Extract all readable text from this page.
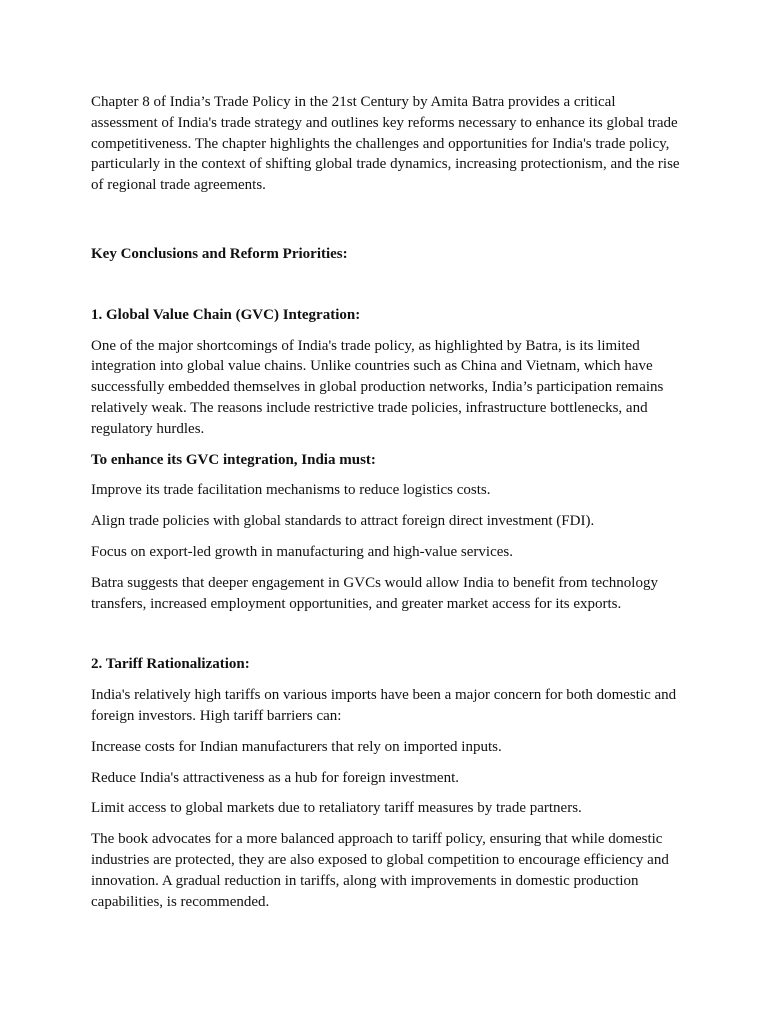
Chapter 8 of India’s Trade Policy in the 21st Century by Amita Batra provides a critical assessment of India's trade strategy and outlines key reforms necessary to enhance its global trade competitiveness. The chapter highlights the challenges and opportunities for India's trade policy, particularly in the context of shifting global trade dynamics, increasing protectionism, and the rise of regional trade agreements.

Key Conclusions and Reform Priorities:

1. Global Value Chain (GVC) Integration:

One of the major shortcomings of India's trade policy, as highlighted by Batra, is its limited integration into global value chains. Unlike countries such as China and Vietnam, which have successfully embedded themselves in global production networks, India’s participation remains relatively weak. The reasons include restrictive trade policies, infrastructure bottlenecks, and regulatory hurdles.

To enhance its GVC integration, India must:

Improve its trade facilitation mechanisms to reduce logistics costs.

Align trade policies with global standards to attract foreign direct investment (FDI).

Focus on export-led growth in manufacturing and high-value services.

Batra suggests that deeper engagement in GVCs would allow India to benefit from technology transfers, increased employment opportunities, and greater market access for its exports.

2. Tariff Rationalization:

India's relatively high tariffs on various imports have been a major concern for both domestic and foreign investors. High tariff barriers can:

Increase costs for Indian manufacturers that rely on imported inputs.

Reduce India's attractiveness as a hub for foreign investment.

Limit access to global markets due to retaliatory tariff measures by trade partners.

The book advocates for a more balanced approach to tariff policy, ensuring that while domestic industries are protected, they are also exposed to global competition to encourage efficiency and innovation. A gradual reduction in tariffs, along with improvements in domestic production capabilities, is recommended.
